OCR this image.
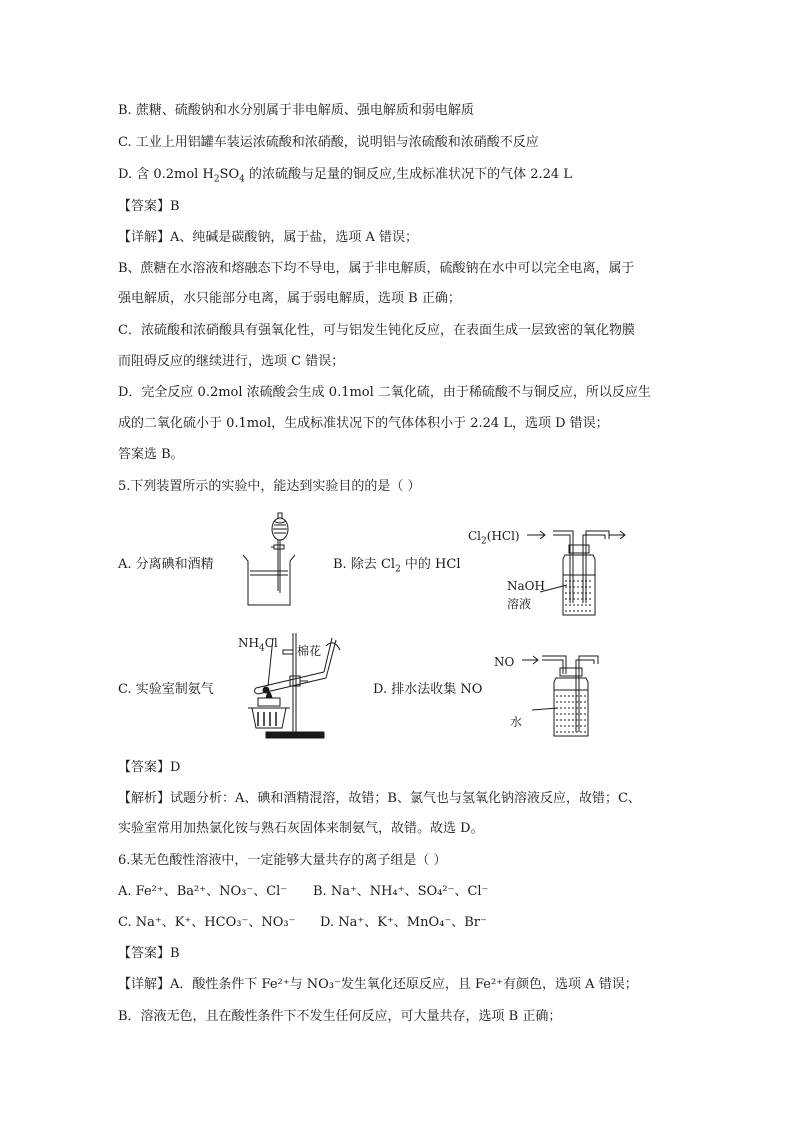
B. 蔗糖、硫酸钠和水分别属于非电解质、强电解质和弱电解质
C. 工业上用铝罐车装运浓硫酸和浓硝酸，说明铝与浓硫酸和浓硝酸不反应
D. 含 0.2mol $H_2SO_4$ 的浓硫酸与足量的铜反应,生成标准状况下的气体 2.24 L
【答案】B
【详解】A、纯碱是碳酸钠，属于盐，选项 A 错误；
B、蔗糖在水溶液和熔融态下均不导电，属于非电解质，硫酸钠在水中可以完全电离，属于
强电解质，水只能部分电离，属于弱电解质，选项 B 正确；
C．浓硫酸和浓硝酸具有强氧化性，可与铝发生钝化反应，在表面生成一层致密的氧化物膜
而阻碍反应的继续进行，选项 C 错误；
D．完全反应 0.2mol 浓硫酸会生成 0.1mol 二氧化硫，由于稀硫酸不与铜反应，所以反应生
成的二氧化硫小于 0.1mol，生成标准状况下的气体体积小于 2.24 L，选项 D 错误；
答案选 B。
5.下列装置所示的实验中，能达到实验目的的是（ ）
A. 分离碘和酒精	B. 除去 $Cl_2$ 中的 HCl
C. 实验室制氨气	D. 排水法收集 NO
$Cl_2(HCl)$
NaOH
溶液
$NH_4Cl$
棉花
NO
水
【答案】D
【解析】试题分析：A、碘和酒精混溶，故错；B、氯气也与氢氧化钠溶液反应，故错；C、
实验室常用加热氯化铵与熟石灰固体来制氨气，故错。故选 D。
6.某无色酸性溶液中，一定能够大量共存的离子组是（ ）
A. Fe²⁺、Ba²⁺、NO₃⁻、Cl⁻ B. Na⁺、NH₄⁺、SO₄²⁻、Cl⁻
C. Na⁺、K⁺、HCO₃⁻、NO₃⁻ D. Na⁺、K⁺、MnO₄⁻、Br⁻
【答案】B
【详解】A．酸性条件下 Fe²⁺与 NO₃⁻发生氧化还原反应，且 Fe²⁺有颜色，选项 A 错误；
B．溶液无色，且在酸性条件下不发生任何反应，可大量共存，选项 B 正确；
